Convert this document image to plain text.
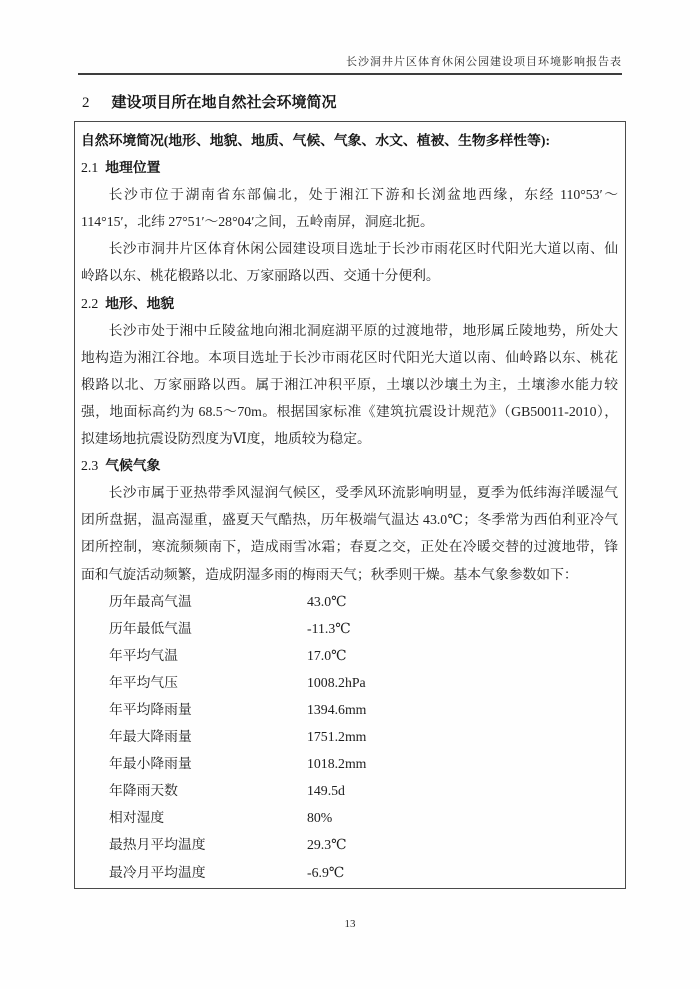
长沙洞井片区体育休闲公园建设项目环境影响报告表
2 建设项目所在地自然社会环境简况
自然环境简况(地形、地貌、地质、气候、气象、水文、植被、生物多样性等):
2.1 地理位置

长沙市位于湖南省东部偏北，处于湘江下游和长浏盆地西缘，东经 110°53′～114°15′，北纬 27°51′～28°04′之间，五岭南屏，洞庭北扼。

长沙市洞井片区体育休闲公园建设项目选址于长沙市雨花区时代阳光大道以南、仙岭路以东、桃花椴路以北、万家丽路以西、交通十分便利。

2.2 地形、地貌

长沙市处于湘中丘陵盆地向湘北洞庭湖平原的过渡地带，地形属丘陵地势，所处大地构造为湘江谷地。本项目选址于长沙市雨花区时代阳光大道以南、仙岭路以东、桃花椴路以北、万家丽路以西。属于湘江冲积平原，土壤以沙壤土为主，土壤渗水能力较强，地面标高约为 68.5～70m。根据国家标准《建筑抗震设计规范》（GB50011-2010），拟建场地抗震设防烈度为Ⅵ度，地质较为稳定。

2.3 气候气象

长沙市属于亚热带季风湿润气候区，受季风环流影响明显，夏季为低纬海洋暖湿气团所盘据，温高湿重，盛夏天气酷热，历年极端气温达 43.0℃；冬季常为西伯利亚冷气团所控制，寒流频频南下，造成雨雪冰霜；春夏之交，正处在冷暖交替的过渡地带，锋面和气旋活动频繁，造成阴湿多雨的梅雨天气；秋季则干燥。基本气象参数如下：

历年最高气温	43.0℃
历年最低气温	-11.3℃
年平均气温	17.0℃
年平均气压	1008.2hPa
年平均降雨量	1394.6mm
年最大降雨量	1751.2mm
年最小降雨量	1018.2mm
年降雨天数	149.5d
相对湿度	80%
最热月平均温度	29.3℃
最冷月平均温度	-6.9℃
13
